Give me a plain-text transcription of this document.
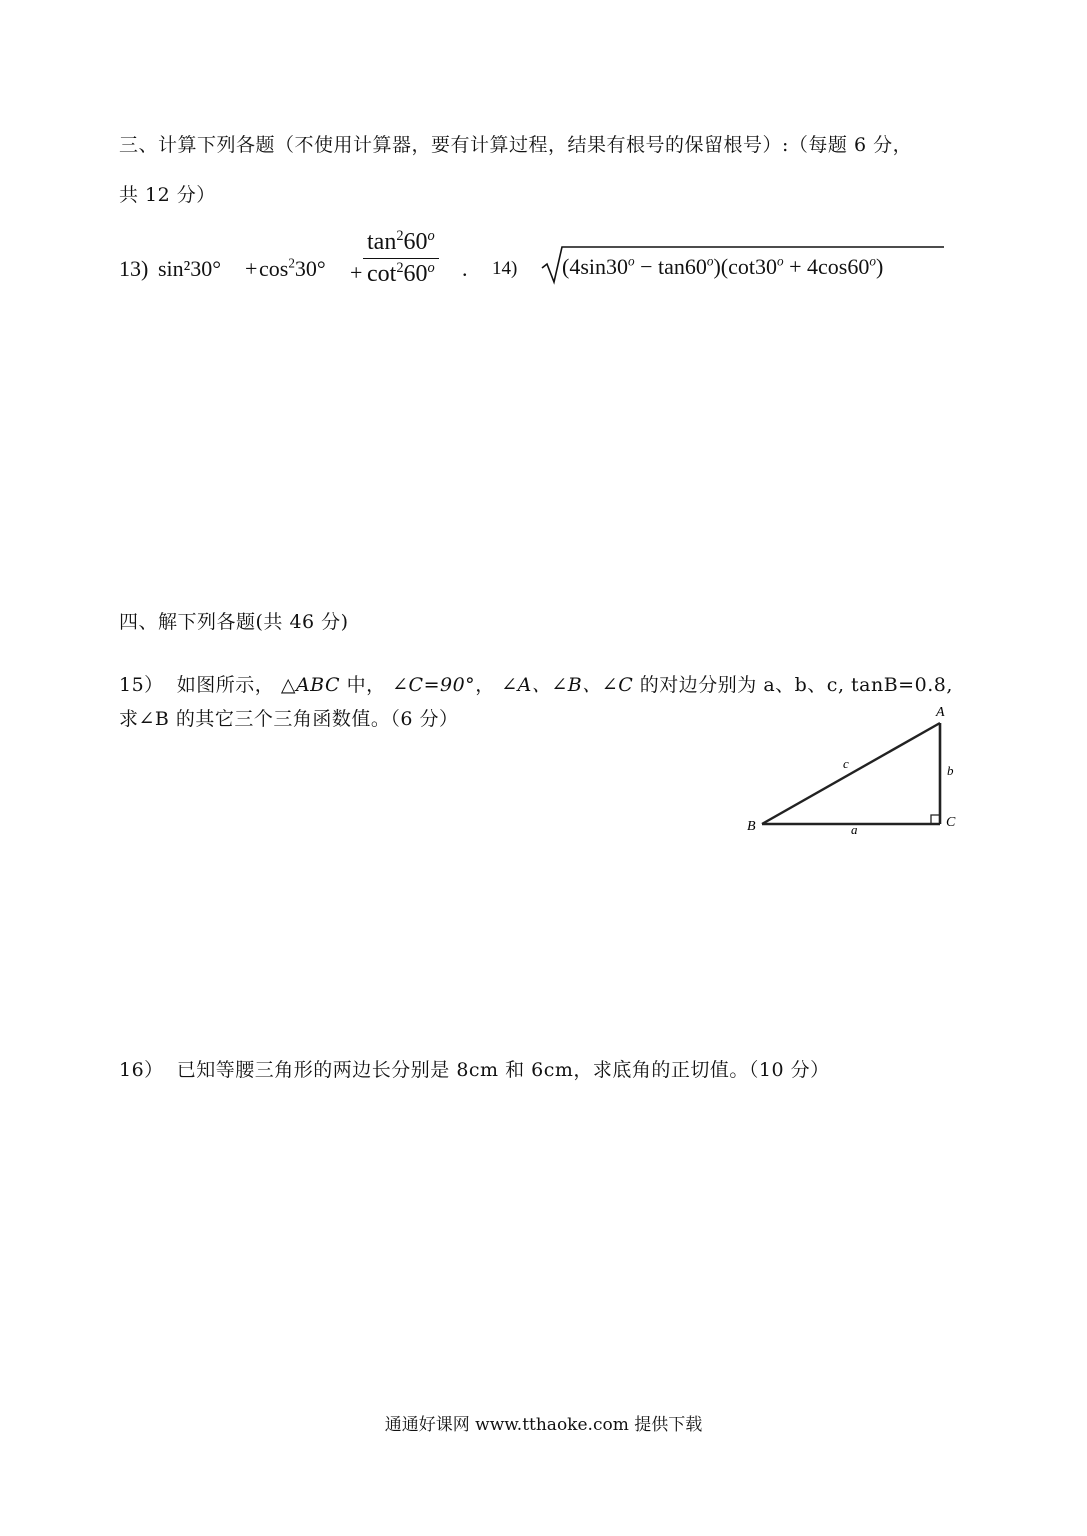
三、计算下列各题（不使用计算器，要有计算过程，结果有根号的保留根号）:（每题 6 分，
共 12 分）
13) $\sin^230^\circ + \cos^230^\circ$ +
$\tan^260^o$
$\cot^260^o$ . 14) $(4\sin 30^o - \tan 60^o)(\cot 30^o + 4\cos 60^o)$
四、解下列各题(共 46 分)
15） 如图所示， △ABC 中， ∠C=90°， ∠A、∠B、∠C 的对边分别为 a、b、c, tanB=0.8,
求∠B 的其它三个三角函数值。（6 分）	A
B	C
a
b
c
16） 已知等腰三角形的两边长分别是 8cm 和 6cm，求底角的正切值。（10 分）
通通好课网 www.tthaoke.com 提供下载
